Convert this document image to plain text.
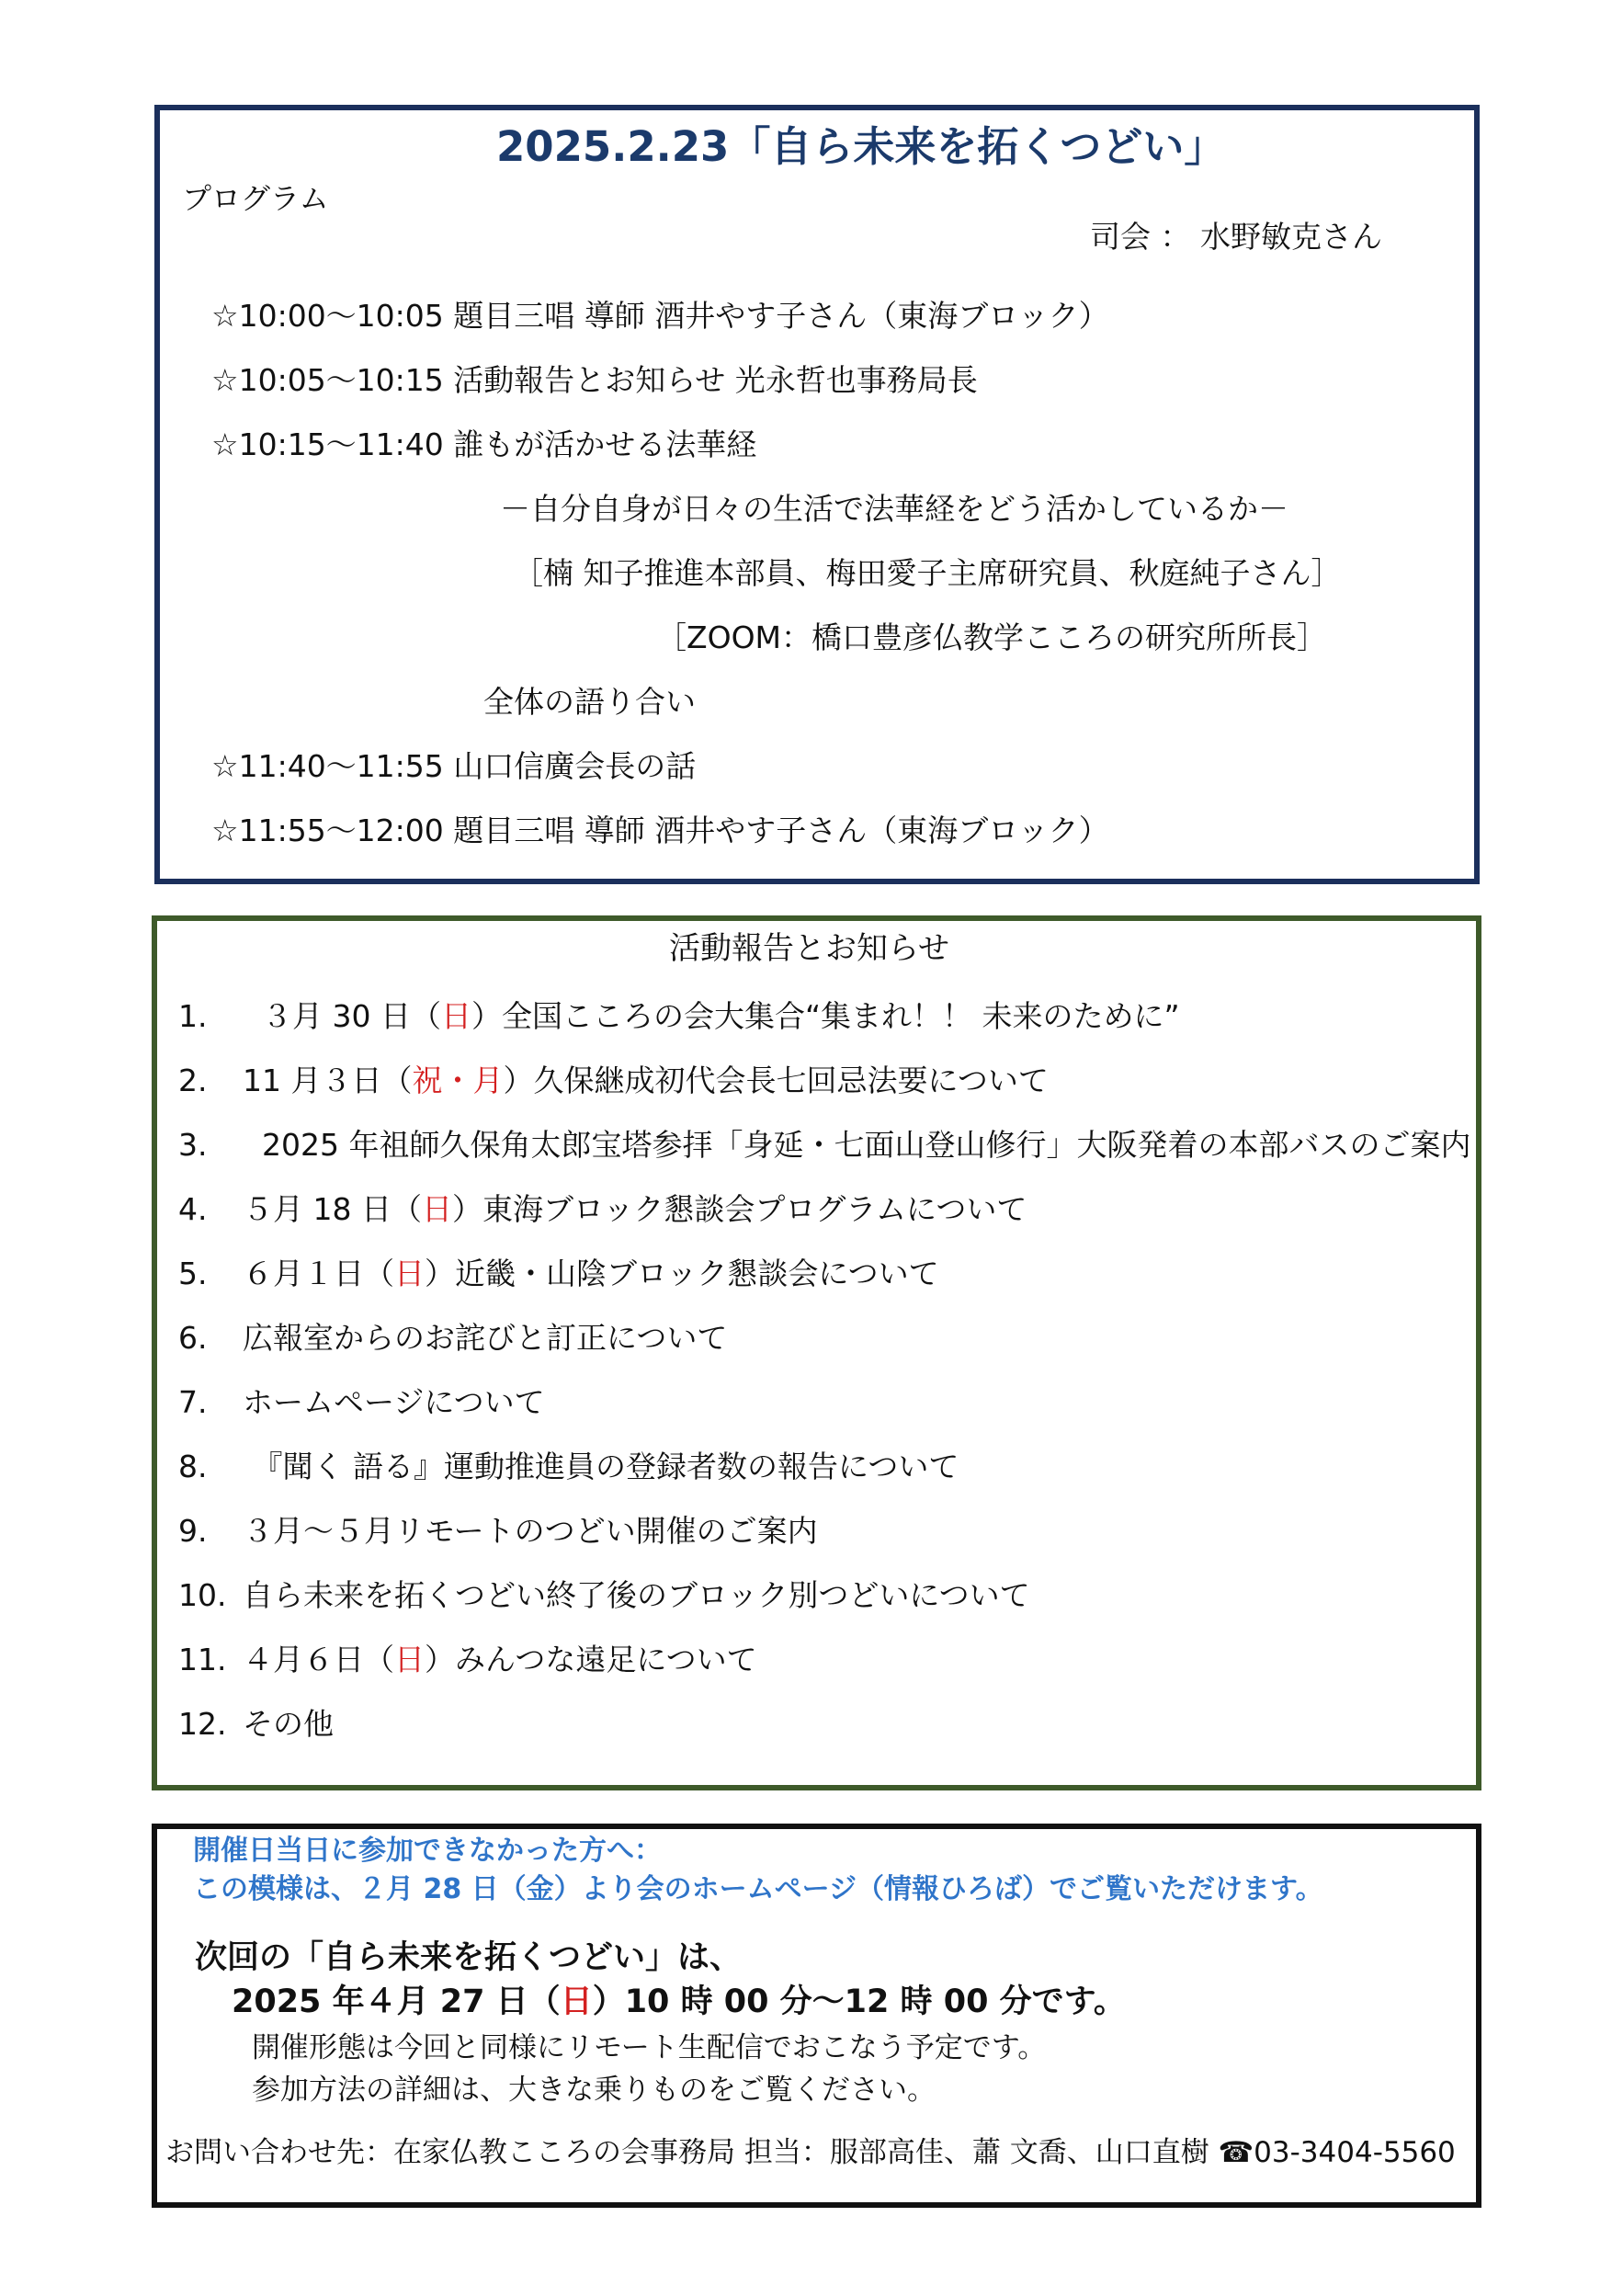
2025.2.23「自ら未来を拓くつどい」
プログラム
司会 ： 水野敏克さん
☆10:00～10:05 題目三唱 導師 酒井やす子さん（東海ブロック）
☆10:05～10:15 活動報告とお知らせ 光永哲也事務局長
☆10:15～11:40 誰もが活かせる法華経
－自分自身が日々の生活で法華経をどう活かしているか－
［楠 知子推進本部員、梅田愛子主席研究員、秋庭純子さん］
［ZOOM：橋口豊彦仏教学こころの研究所所長］
全体の語り合い
☆11:40～11:55 山口信廣会長の話
☆11:55～12:00 題目三唱 導師 酒井やす子さん（東海ブロック）
活動報告とお知らせ
1.  ３月 30 日（日）全国こころの会大集合“集まれ！！ 未来のために”
2. 11 月３日（祝・月）久保継成初代会長七回忌法要について
3.  2025 年祖師久保角太郎宝塔参拝「身延・七面山登山修行」大阪発着の本部バスのご案内
4. ５月 18 日（日）東海ブロック懇談会プログラムについて
5. ６月１日（日）近畿・山陰ブロック懇談会について
6. 広報室からのお詫びと訂正について
7. ホームページについて
8. 『聞く 語る』運動推進員の登録者数の報告について
9. ３月～５月リモートのつどい開催のご案内
10. 自ら未来を拓くつどい終了後のブロック別つどいについて
11. ４月６日（日）みんつな遠足について
12. その他
開催日当日に参加できなかった方へ：
この模様は、２月 28 日（金）より会のホームページ（情報ひろば）でご覧いただけます。
次回の「自ら未来を拓くつどい」は、
2025 年４月 27 日（日）10 時 00 分～12 時 00 分です。
開催形態は今回と同様にリモート生配信でおこなう予定です。
参加方法の詳細は、大きな乗りものをご覧ください。
お問い合わせ先：在家仏教こころの会事務局 担当：服部高佳、蕭 文喬、山口直樹 ☎03-3404-5560
